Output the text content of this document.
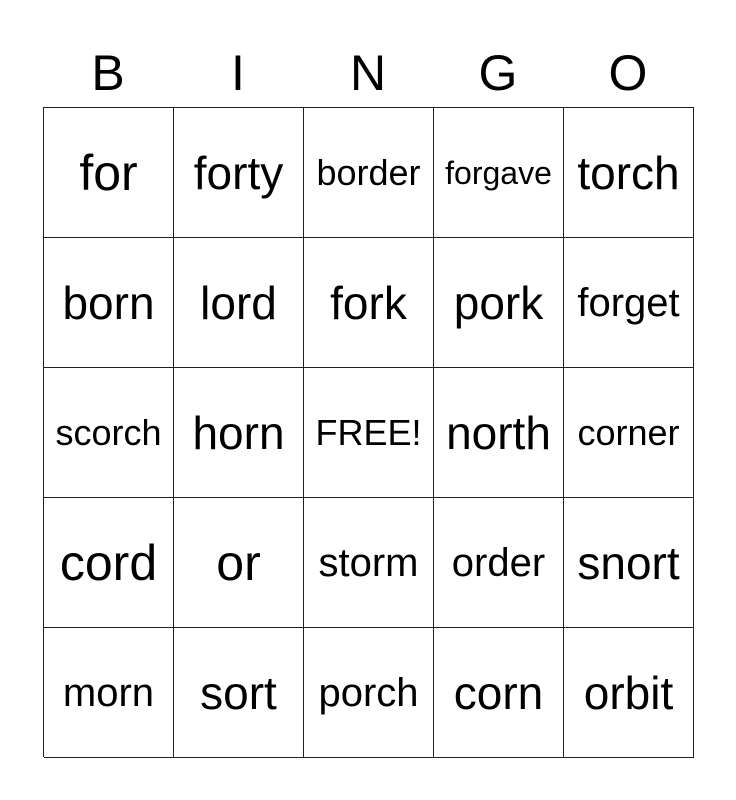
B	I	N	G	O
for	forty border forgave torch
born lord	fork	pork forget
scorch horn FREE! north corner
cord	or	storm order snort
morn	sort	porch corn orbit
